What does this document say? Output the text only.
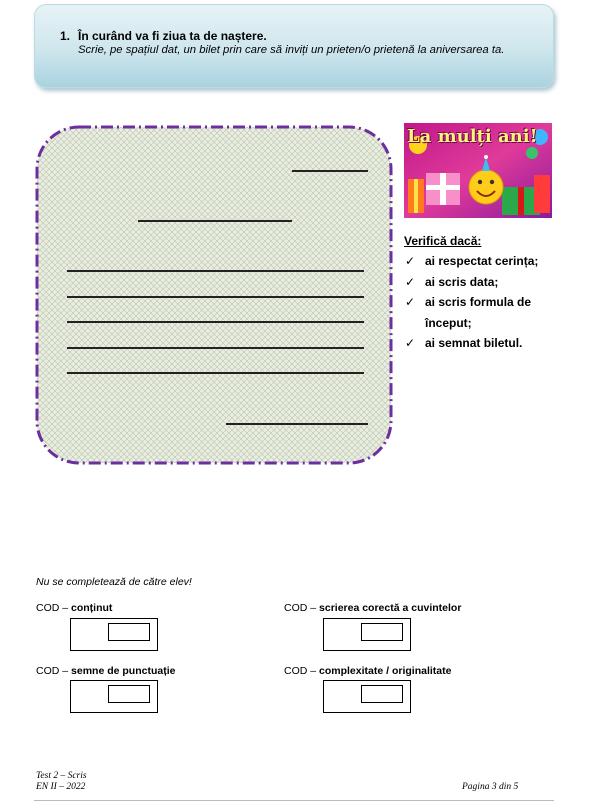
1. În curând va fi ziua ta de naștere.
Scrie, pe spațiul dat, un bilet prin care să inviți un prieten/o prietenă la aniversarea ta.
La mulți ani!
Verifică dacă:
✓ ai respectat cerința;
✓ ai scris data;
✓ ai scris formula de început;
✓ ai semnat biletul.
Nu se completează de către elev!
COD – conținut	COD – scrierea corectă a cuvintelor
COD – semne de punctuație	COD – complexitate / originalitate
Test 2 – Scris
EN II – 2022	Pagina 3 din 5
